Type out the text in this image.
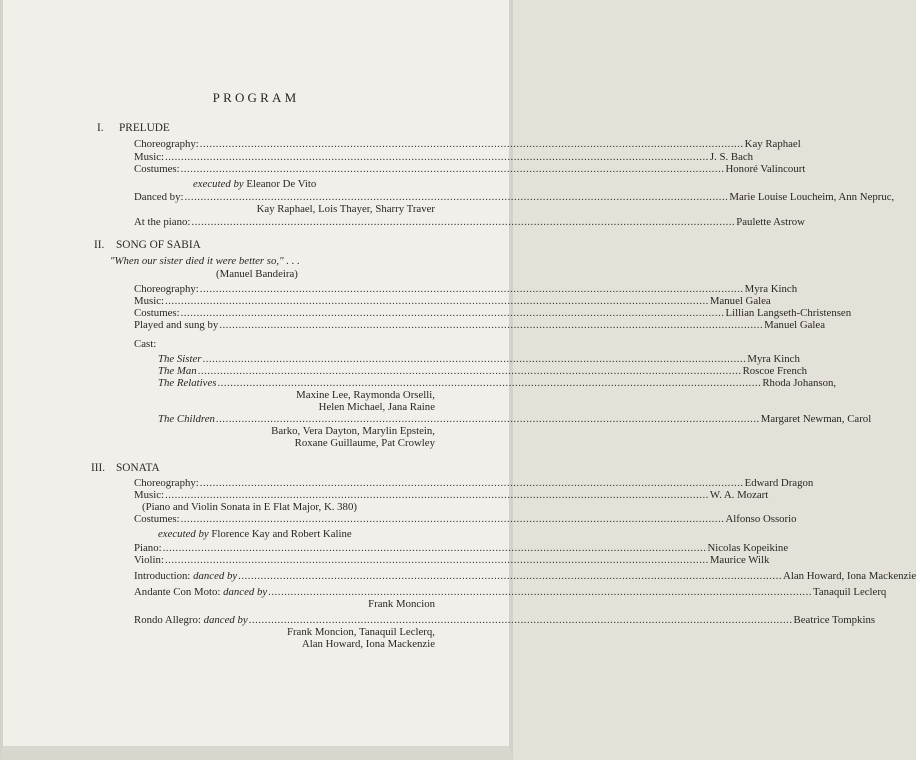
PROGRAM
I. PRELUDE
Choreography: .......................................................................................................................................................................... Kay Raphael
Music: .......................................................................................................................................................................... J. S. Bach
Costumes: .......................................................................................................................................................................... Honoré Valincourt
executed by Eleanor De Vito
Danced by: .......................................................................................................................................................................... Marie Louise Loucheim, Ann Nepruc,
Kay Raphael, Lois Thayer, Sharry Traver
At the piano: .......................................................................................................................................................................... Paulette Astrow
II. SONG OF SABIA
"When our sister died it were better so," . . .
(Manuel Bandeira)
Choreography: .......................................................................................................................................................................... Myra Kinch
Music: .......................................................................................................................................................................... Manuel Galea
Costumes: .......................................................................................................................................................................... Lillian Langseth-Christensen
Played and sung by .......................................................................................................................................................................... Manuel Galea
Cast:
The Sister .......................................................................................................................................................................... Myra Kinch
The Man .......................................................................................................................................................................... Roscoe French
The Relatives .......................................................................................................................................................................... Rhoda Johanson,
Maxine Lee, Raymonda Orselli,
Helen Michael, Jana Raine
The Children .......................................................................................................................................................................... Margaret Newman, Carol
Barko, Vera Dayton, Marylin Epstein,
Roxane Guillaume, Pat Crowley
III. SONATA
Choreography: .......................................................................................................................................................................... Edward Dragon
Music: .......................................................................................................................................................................... W. A. Mozart
(Piano and Violin Sonata in E Flat Major, K. 380)
Costumes: .......................................................................................................................................................................... Alfonso Ossorio
executed by Florence Kay and Robert Kaline
Piano: .......................................................................................................................................................................... Nicolas Kopeikine
Violin: .......................................................................................................................................................................... Maurice Wilk
Introduction: danced by .......................................................................................................................................................................... Alan Howard, Iona Mackenzie
Andante Con Moto: danced by .......................................................................................................................................................................... Tanaquil Leclerq
Frank Moncion
Rondo Allegro: danced by .......................................................................................................................................................................... Beatrice Tompkins
Frank Moncion, Tanaquil Leclerq,
Alan Howard, Iona Mackenzie
